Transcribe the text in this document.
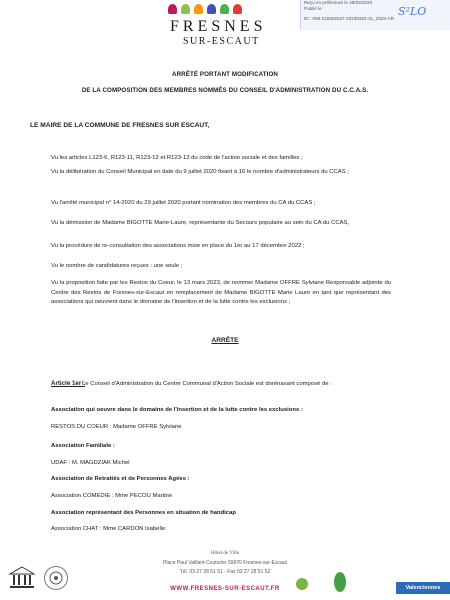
FRESNES
SUR-ESCAUT
Reçu en préfecture le 28/03/2023
Publié le
ID : 059-215902537-20230322-31_2023-AR
S²LO
ARRÊTÉ PORTANT MODIFICATION
DE LA COMPOSITION DES MEMBRES NOMMÉS DU CONSEIL D'ADMINISTRATION DU C.C.A.S.
LE MAIRE DE LA COMMUNE DE FRESNES SUR ESCAUT,
Vu les articles L123-6, R123-11, R123-12 et R123-13 du code de l'action sociale et des familles ;
Vu la délibération du Conseil Municipal en date du 9 juillet 2020 fixant à 16 le nombre d'administrateurs du CCAS ;
Vu l'arrêté municipal n° 14-2020 du 29 juillet 2020 portant nomination des membres du CA du CCAS ;
Vu la démission de Madame BIGOTTE Marie-Laure, représentante du Secours populaire au sein du CA du CCAS,
Vu la procédure de re-consultation des associations mise en place du 1er au 17 décembre 2022 ;
Vu le nombre de candidatures reçues : une seule ;
Vu la proposition faite par les Restos du Coeur, le 13 mars 2023, de nommer Madame OFFRE Sylviane Responsable adjointe du Centre des Restos de Fresnes-sur-Escaut en remplacement de Madame BIGOTTE Marie Laure en tant que représentant des associations qui oeuvrent dans le domaine de l'insertion et de la lutte contre les exclusions ;
ARRÊTE
Article 1er :
Le Conseil d'Administration du Centre Communal d'Action Sociale est dorénavant composé de :
Association qui oeuvre dans le domaine de l'insertion et de la lutte contre les exclusions :
RESTOS DU COEUR : Madame OFFRE Sylviane
Association Familiale :
UDAF : M. MAGDZIAK Michel
Association de Retraités et de Personnes Agées :
Association COMEDIE : Mme PECOU Martine
Association représentant des Personnes en situation de handicap
Association CHAT : Mme CARDON Isabelle
Hôtel de Ville
Place Paul Vaillant-Couturier 59970 Fresnes-sur-Escaut
Tél. 03 27 28 51 51 - Fax 03 27 28 51 52
WWW.FRESNES-SUR-ESCAUT.FR	Valenciennes
